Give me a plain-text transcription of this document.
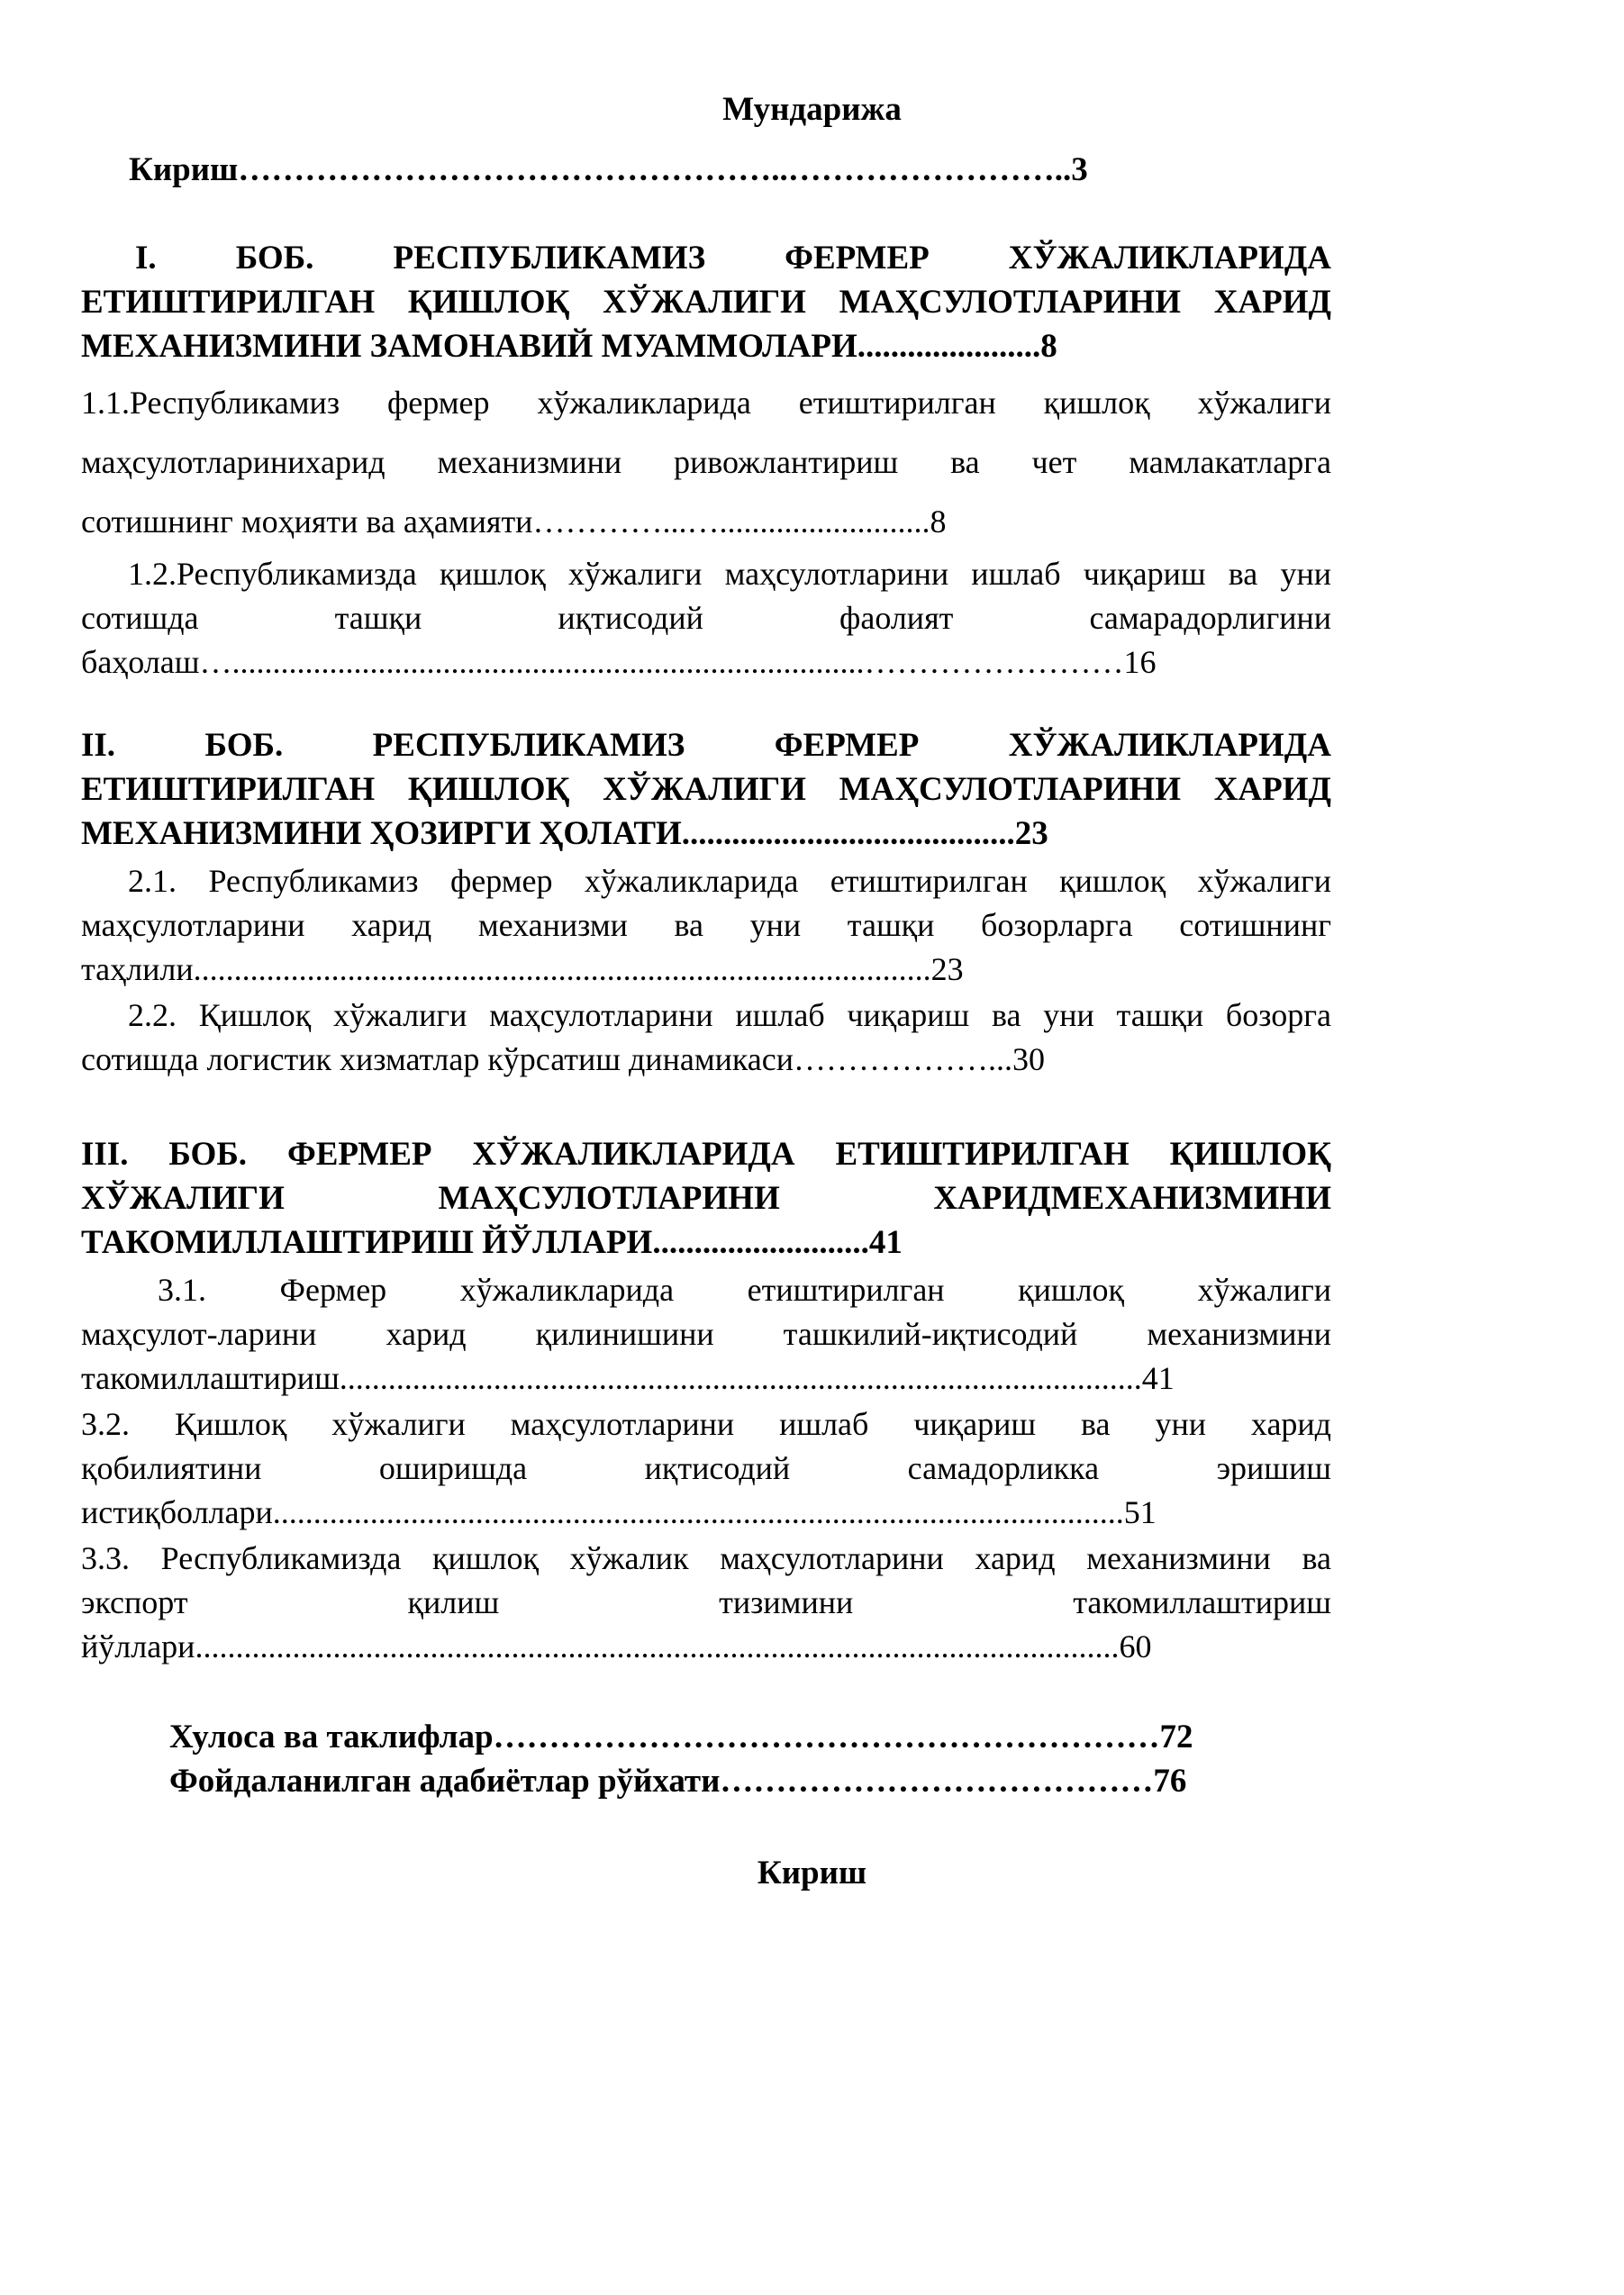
Мундарижа
Кириш…………………………………………..……………………..3
I. БОБ. РЕСПУБЛИКАМИЗ ФЕРМЕР ХЎЖАЛИКЛАРИДА
ЕТИШТИРИЛГАН ҚИШЛОҚ ХЎЖАЛИГИ МАҲСУЛОТЛАРИНИ ХАРИД
МЕХАНИЗМИНИ ЗАМОНАВИЙ МУАММОЛАРИ......................8
1.1.Республикамиз фермер хўжаликларида етиштирилган қишлоқ хўжалиги
маҳсулотларинихарид механизмини ривожлантириш ва чет мамлакатларга
сотишнинг моҳияти ва аҳамияти…………...…..........................8
1.2.Республикамизда қишлоқ хўжалиги маҳсулотларини ишлаб чиқариш ва уни
сотишда ташқи иқтисодий фаолият самарадорлигини
баҳолаш…..............................................................................……………………16
II. БОБ. РЕСПУБЛИКАМИЗ ФЕРМЕР ХЎЖАЛИКЛАРИДА
ЕТИШТИРИЛГАН ҚИШЛОҚ ХЎЖАЛИГИ МАҲСУЛОТЛАРИНИ ХАРИД
МЕХАНИЗМИНИ ҲОЗИРГИ ҲОЛАТИ........................................23
2.1. Республикамиз фермер хўжаликларида етиштирилган қишлоқ хўжалиги
маҳсулотларини харид механизми ва уни ташқи бозорларга сотишнинг
таҳлили...........................................................................................23
2.2. Қишлоқ хўжалиги маҳсулотларини ишлаб чиқариш ва уни ташқи бозорга
сотишда логистик хизматлар кўрсатиш динамикаси………………...30
III. БОБ. ФЕРМЕР ХЎЖАЛИКЛАРИДА ЕТИШТИРИЛГАН ҚИШЛОҚ
ХЎЖАЛИГИ МАҲСУЛОТЛАРИНИ ХАРИДМЕХАНИЗМИНИ
ТАКОМИЛЛАШТИРИШ ЙЎЛЛАРИ..........................41
3.1. Фермер хўжаликларида етиштирилган қишлоқ хўжалиги
маҳсулот-ларини харид қилинишини ташкилий-иқтисодий механизмини
такомиллаштириш...................................................................................................41
3.2. Қишлоқ хўжалиги маҳсулотларини ишлаб чиқариш ва уни харид
қобилиятини оширишда иқтисодий самадорликка эришиш
истиқболлари.........................................................................................................51
3.3. Республикамизда қишлоқ хўжалик маҳсулотларини харид механизмини ва
экспорт қилиш тизимини такомиллаштириш
йўллари..................................................................................................................60
Хулоса ва таклифлар……………………………………………………72
Фойдаланилган адабиётлар рўйхати…………………………………76
Кириш
